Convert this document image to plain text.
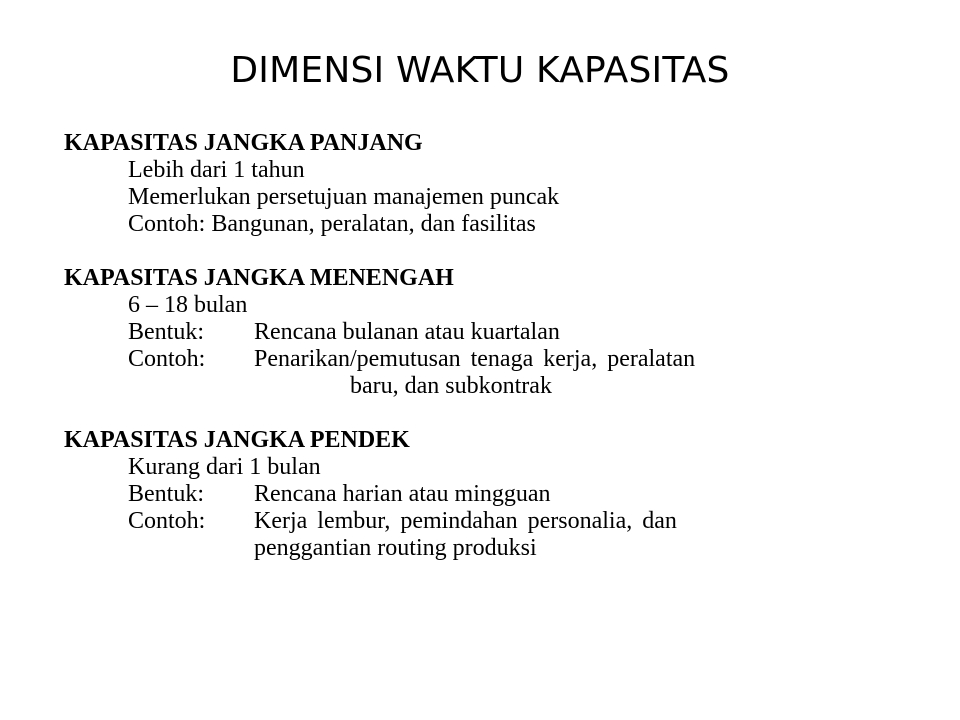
DIMENSI WAKTU KAPASITAS
KAPASITAS JANGKA PANJANG
Lebih dari 1 tahun
Memerlukan persetujuan manajemen puncak
Contoh: Bangunan, peralatan, dan fasilitas
KAPASITAS JANGKA MENENGAH
6 – 18 bulan
Bentuk:	Rencana bulanan atau kuartalan
Contoh:	Penarikan/pemutusan tenaga kerja, peralatan
baru, dan subkontrak
KAPASITAS JANGKA PENDEK
Kurang dari 1 bulan
Bentuk:	Rencana harian atau mingguan
Contoh:	Kerja lembur, pemindahan personalia, dan
penggantian routing produksi
